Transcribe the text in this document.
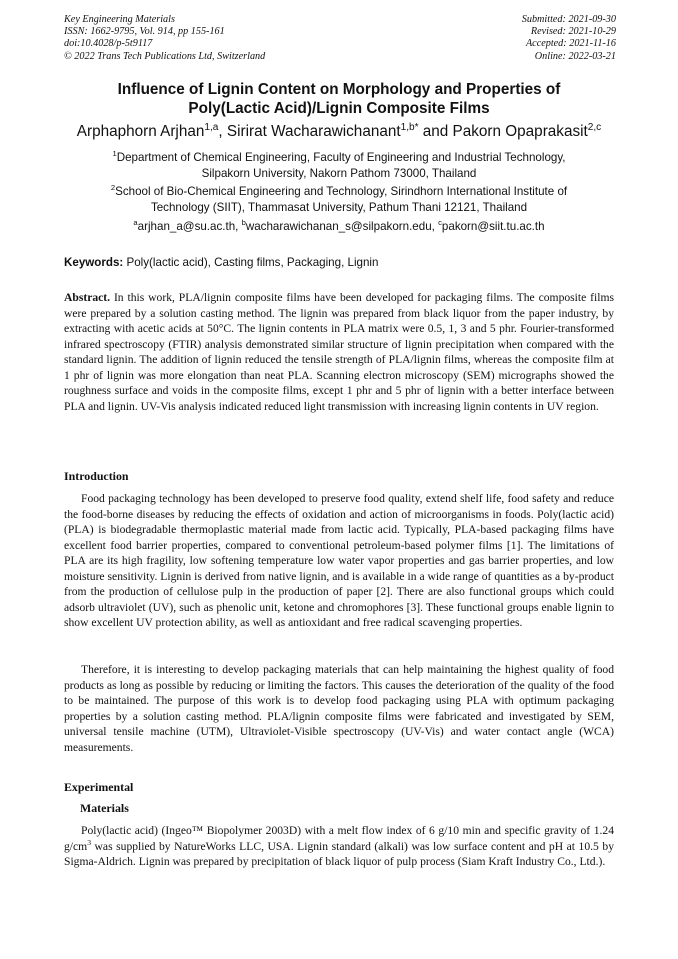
Key Engineering Materials
ISSN: 1662-9795, Vol. 914, pp 155-161
doi:10.4028/p-5t9117
© 2022 Trans Tech Publications Ltd, Switzerland
Submitted: 2021-09-30
Revised: 2021-10-29
Accepted: 2021-11-16
Online: 2022-03-21
Influence of Lignin Content on Morphology and Properties of
Poly(Lactic Acid)/Lignin Composite Films
Arphaphorn Arjhan$^{1,a}$, Sirirat Wacharawichanant$^{1,b*}$ and Pakorn Opaprakasit$^{2,c}$
$^1$Department of Chemical Engineering, Faculty of Engineering and Industrial Technology,
Silpakorn University, Nakorn Pathom 73000, Thailand
$^2$School of Bio-Chemical Engineering and Technology, Sirindhorn International Institute of
Technology (SIIT), Thammasat University, Pathum Thani 12121, Thailand
$^a$arjhan_a@su.ac.th, $^b$wacharawichanan_s@silpakorn.edu, $^c$pakorn@siit.tu.ac.th
Keywords: Poly(lactic acid), Casting films, Packaging, Lignin
Abstract. In this work, PLA/lignin composite films have been developed for packaging films. The composite films were prepared by a solution casting method. The lignin was prepared from black liquor from the paper industry, by extracting with acetic acids at 50°C. The lignin contents in PLA matrix were 0.5, 1, 3 and 5 phr. Fourier-transformed infrared spectroscopy (FTIR) analysis demonstrated similar structure of lignin precipitation when compared with the standard lignin. The addition of lignin reduced the tensile strength of PLA/lignin films, whereas the composite film at 1 phr of lignin was more elongation than neat PLA. Scanning electron microscopy (SEM) micrographs showed the roughness surface and voids in the composite films, except 1 phr and 5 phr of lignin with a better interface between PLA and lignin. UV-Vis analysis indicated reduced light transmission with increasing lignin contents in UV region.
Introduction
Food packaging technology has been developed to preserve food quality, extend shelf life, food safety and reduce the food-borne diseases by reducing the effects of oxidation and action of microorganisms in foods. Poly(lactic acid) (PLA) is biodegradable thermoplastic material made from lactic acid. Typically, PLA-based packaging films have excellent food barrier properties, compared to conventional petroleum-based polymer films [1]. The limitations of PLA are its high fragility, low softening temperature low water vapor properties and gas barrier properties, and low moisture sensitivity. Lignin is derived from native lignin, and is available in a wide range of quantities as a by-product from the production of cellulose pulp in the production of paper [2]. There are also functional groups which could adsorb ultraviolet (UV), such as phenolic unit, ketone and chromophores [3]. These functional groups enable lignin to show excellent UV protection ability, as well as antioxidant and free radical scavenging properties.
Therefore, it is interesting to develop packaging materials that can help maintaining the highest quality of food products as long as possible by reducing or limiting the factors. This causes the deterioration of the quality of the food to be maintained. The purpose of this work is to develop food packaging using PLA with optimum packaging properties by a solution casting method. PLA/lignin composite films were fabricated and investigated by SEM, universal tensile machine (UTM), Ultraviolet-Visible spectroscopy (UV-Vis) and water contact angle (WCA) measurements.
Experimental
Materials
Poly(lactic acid) (Ingeo™ Biopolymer 2003D) with a melt flow index of 6 g/10 min and specific gravity of 1.24 $g/cm^3$ was supplied by NatureWorks LLC, USA. Lignin standard (alkali) was low surface content and pH at 10.5 by Sigma-Aldrich. Lignin was prepared by precipitation of black liquor of pulp process (Siam Kraft Industry Co., Ltd.).
